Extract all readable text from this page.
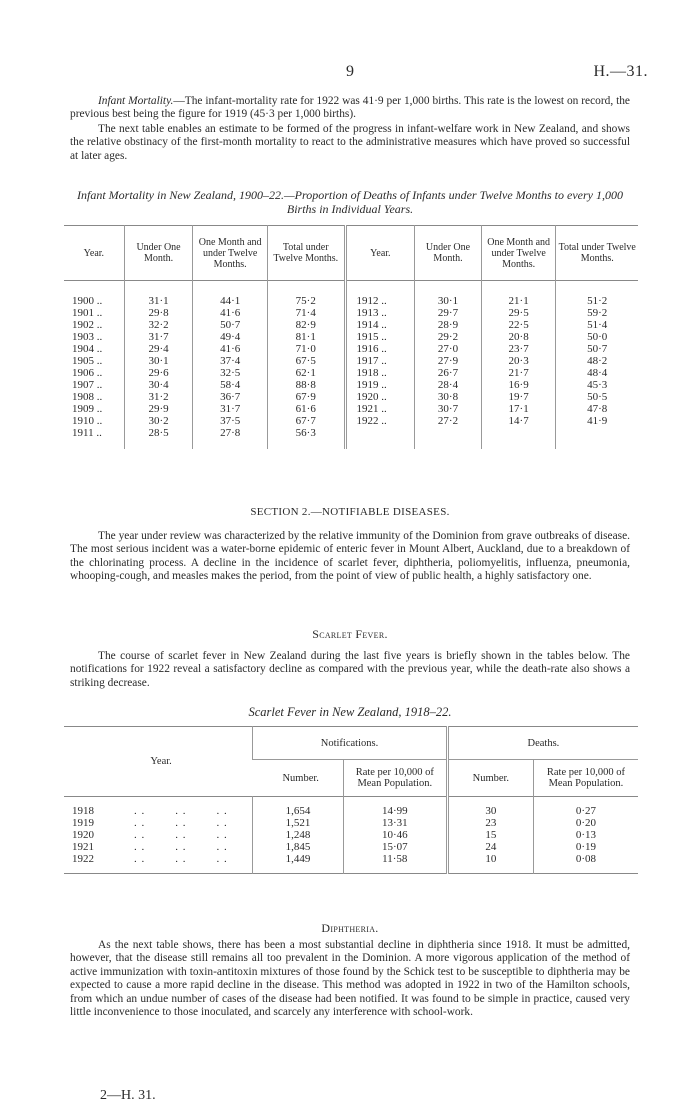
9	H.—31.
Infant Mortality.—The infant-mortality rate for 1922 was 41·9 per 1,000 births. This rate is the lowest on record, the previous best being the figure for 1919 (45·3 per 1,000 births).
The next table enables an estimate to be formed of the progress in infant-welfare work in New Zealand, and shows the relative obstinacy of the first-month mortality to react to the administrative measures which have proved so successful at later ages.
Infant Mortality in New Zealand, 1900–22.—Proportion of Deaths of Infants under Twelve Months to every 1,000 Births in Individual Years.
Year.	Under One Month.	One Month and under Twelve Months.	Total under Twelve Months.	Year.	Under One Month.	One Month and under Twelve Months.	Total under Twelve Months.

1900 ..	31·1	44·1	75·2	1912 ..	30·1	21·1	51·2
1901 ..	29·8	41·6	71·4	1913 ..	29·7	29·5	59·2
1902 ..	32·2	50·7	82·9	1914 ..	28·9	22·5	51·4
1903 ..	31·7	49·4	81·1	1915 ..	29·2	20·8	50·0
1904 ..	29·4	41·6	71·0	1916 ..	27·0	23·7	50·7
1905 ..	30·1	37·4	67·5	1917 ..	27·9	20·3	48·2
1906 ..	29·6	32·5	62·1	1918 ..	26·7	21·7	48·4
1907 ..	30·4	58·4	88·8	1919 ..	28·4	16·9	45·3
1908 ..	31·2	36·7	67·9	1920 ..	30·8	19·7	50·5
1909 ..	29·9	31·7	61·6	1921 ..	30·7	17·1	47·8
1910 ..	30·2	37·5	67·7	1922 ..	27·2	14·7	41·9
1911 ..	28·5	27·8	56·3				

SECTION 2.—NOTIFIABLE DISEASES.
The year under review was characterized by the relative immunity of the Dominion from grave outbreaks of disease. The most serious incident was a water-borne epidemic of enteric fever in Mount Albert, Auckland, due to a breakdown of the chlorinating process. A decline in the incidence of scarlet fever, diphtheria, poliomyelitis, influenza, pneumonia, whooping-cough, and measles makes the period, from the point of view of public health, a highly satisfactory one.
Scarlet Fever.
The course of scarlet fever in New Zealand during the last five years is briefly shown in the tables below. The notifications for 1922 reveal a satisfactory decline as compared with the previous year, while the death-rate also shows a striking decrease.
Scarlet Fever in New Zealand, 1918–22.
Year.	Notifications.		Deaths.	
	Number.	Rate per 10,000 of Mean Population.	Number.	Rate per 10,000 of Mean Population.

1918 . .        . .        . .	1,654	14·99	30	0·27
1919 . .        . .        . .	1,521	13·31	23	0·20
1920 . .        . .        . .	1,248	10·46	15	0·13
1921 . .        . .        . .	1,845	15·07	24	0·19
1922 . .        . .        . .	1,449	11·58	10	0·08

Diphtheria.
As the next table shows, there has been a most substantial decline in diphtheria since 1918. It must be admitted, however, that the disease still remains all too prevalent in the Dominion. A more vigorous application of the method of active immunization with toxin-antitoxin mixtures of those found by the Schick test to be susceptible to diphtheria may be expected to cause a more rapid decline in the disease. This method was adopted in 1922 in two of the Hamilton schools, from which an undue number of cases of the disease had been notified. It was found to be simple in practice, caused very little inconvenience to those inoculated, and scarcely any interference with school-work.
2—H. 31.
